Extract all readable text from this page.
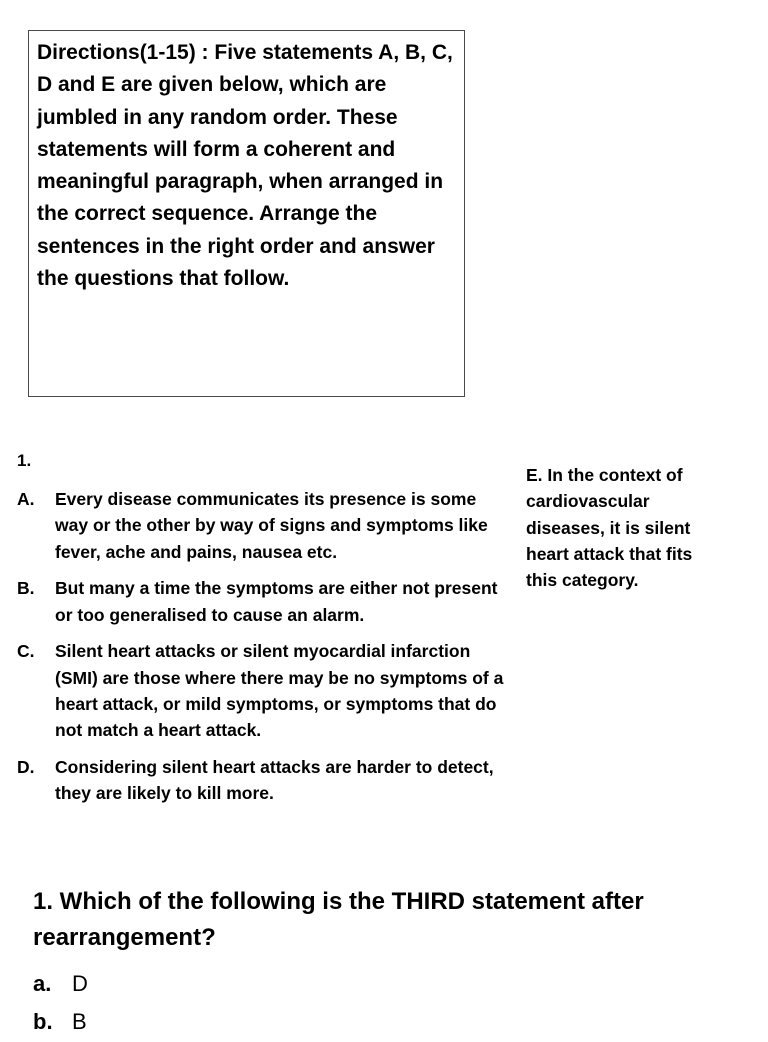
Directions(1-15) : Five statements A, B, C, D and E are given below, which are jumbled in any random order. These statements will form a coherent and meaningful paragraph, when arranged in the correct sequence. Arrange the sentences in the right order and answer the questions that follow.

1.
A.	Every disease communicates its presence is some way or the other by way of signs and symptoms like fever, ache and pains, nausea etc.
B.	But many a time the symptoms are either not present or too generalised to cause an alarm.
C.	Silent heart attacks or silent myocardial infarction (SMI) are those where there may be no symptoms of a heart attack, or mild symptoms, or symptoms that do not match a heart attack.
D.	Considering silent heart attacks are harder to detect, they are likely to kill more.
E. In the context of cardiovascular diseases, it is silent heart attack that fits this category.

1. Which of the following is the THIRD statement after rearrangement?

a. D
b. B
